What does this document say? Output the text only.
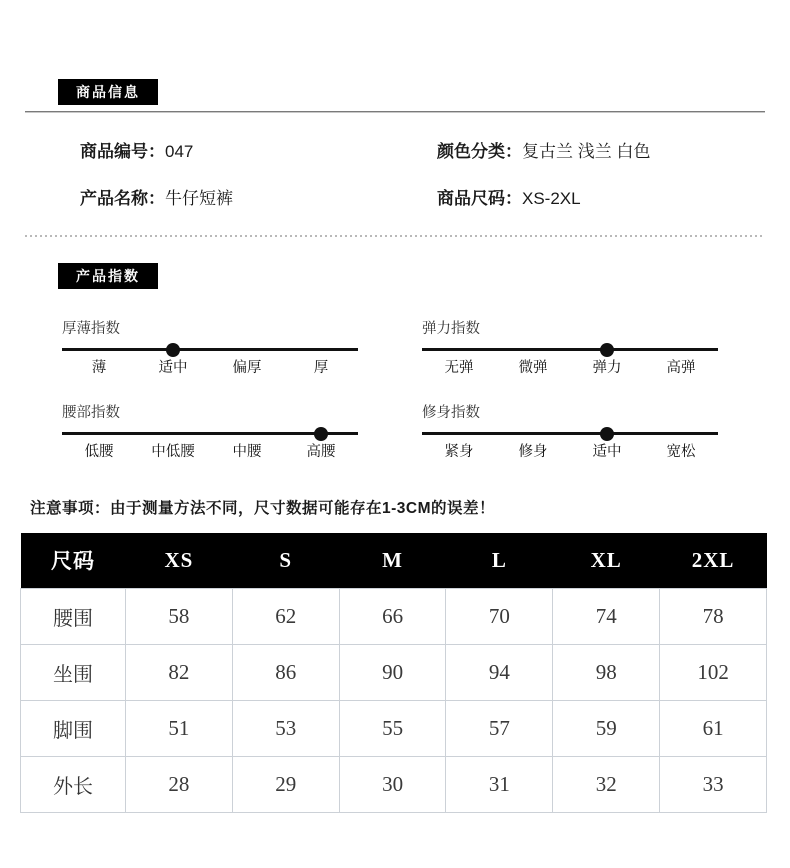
商品信息
商品编号：047	颜色分类：复古兰 浅兰 白色
产品名称：牛仔短裤	商品尺码：XS-2XL
产品指数
厚薄指数
薄	适中	偏厚	厚
弹力指数
无弹	微弹	弹力	高弹
腰部指数
低腰	中低腰	中腰	高腰
修身指数
紧身	修身	适中	宽松
注意事项：由于测量方法不同，尺寸数据可能存在1-3CM的误差！
尺码	XS	S	M	L	XL	2XL
腰围	58	62	66	70	74	78
坐围	82	86	90	94	98	102
脚围	51	53	55	57	59	61
外长	28	29	30	31	32	33
